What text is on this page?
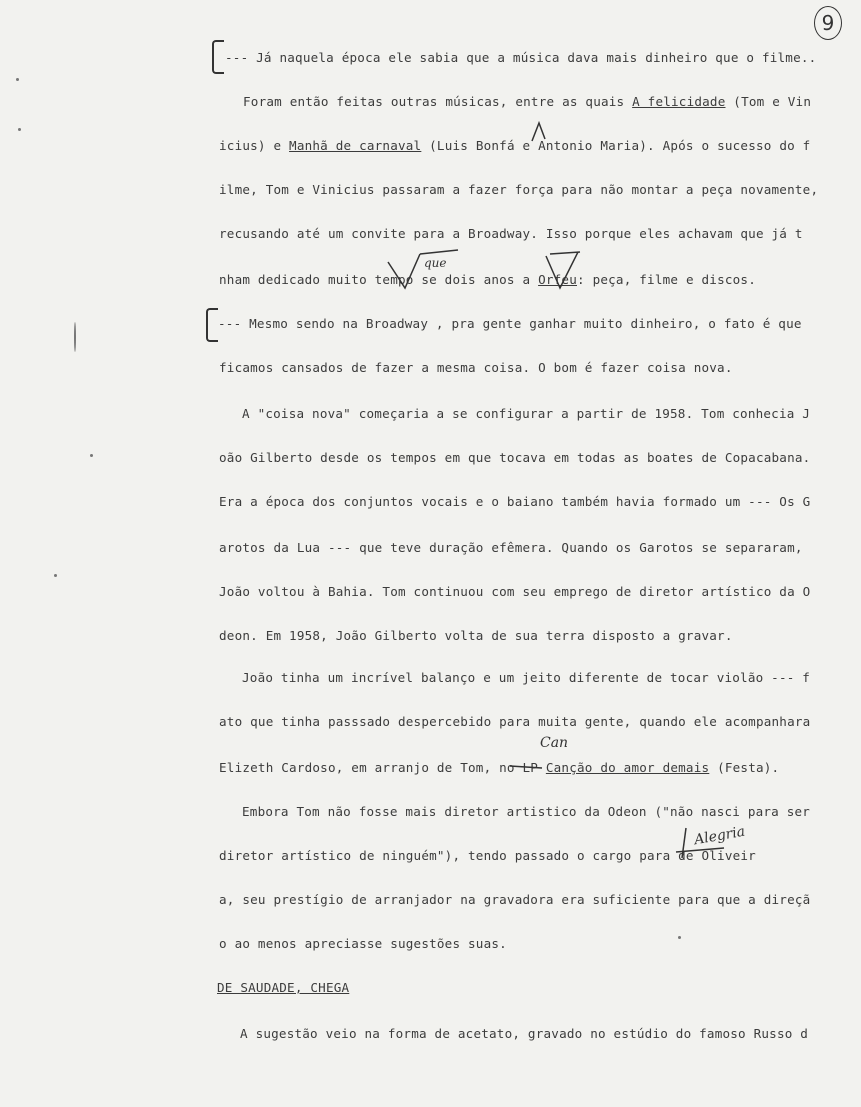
9
--- Já naquela época ele sabia que a música dava mais dinheiro que o filme..
Foram então feitas outras músicas, entre as quais A felicidade (Tom e Vin
icius) e Manhã de carnaval (Luis Bonfá e Antonio Maria). Após o sucesso do f
ilme, Tom e Vinicius passaram a fazer força para não montar a peça novamente,
recusando até um convite para a Broadway. Isso porque eles achavam que já t
nham dedicado muito tempo se dois anos a Orfeu: peça, filme e discos.
--- Mesmo sendo na Broadway , pra gente ganhar muito dinheiro, o fato é que
ficamos cansados de fazer a mesma coisa. O bom é fazer coisa nova.
A "coisa nova" começaria a se configurar a partir de 1958. Tom conhecia J
oão Gilberto desde os tempos em que tocava em todas as boates de Copacabana.
Era a época dos conjuntos vocais e o baiano também havia formado um --- Os G
arotos da Lua --- que teve duração efêmera. Quando os Garotos se separaram,
João voltou à Bahia. Tom continuou com seu emprego de diretor artístico da O
deon. Em 1958, João Gilberto volta de sua terra disposto a gravar.
João tinha um incrível balanço e um jeito diferente de tocar violão --- f
ato que tinha passsado despercebido para muita gente, quando ele acompanhara
Elizeth Cardoso, em arranjo de Tom, no LP Canção do amor demais (Festa).
Embora Tom não fosse mais diretor artistico da Odeon ("não nasci para ser
diretor artístico de ninguém"), tendo passado o cargo para de Oliveir
a, seu prestígio de arranjador na gravadora era suficiente para que a direçã
o ao menos apreciasse sugestões suas.
DE SAUDADE, CHEGA
A sugestão veio na forma de acetato, gravado no estúdio do famoso Russo d
que
Can
Alegria
